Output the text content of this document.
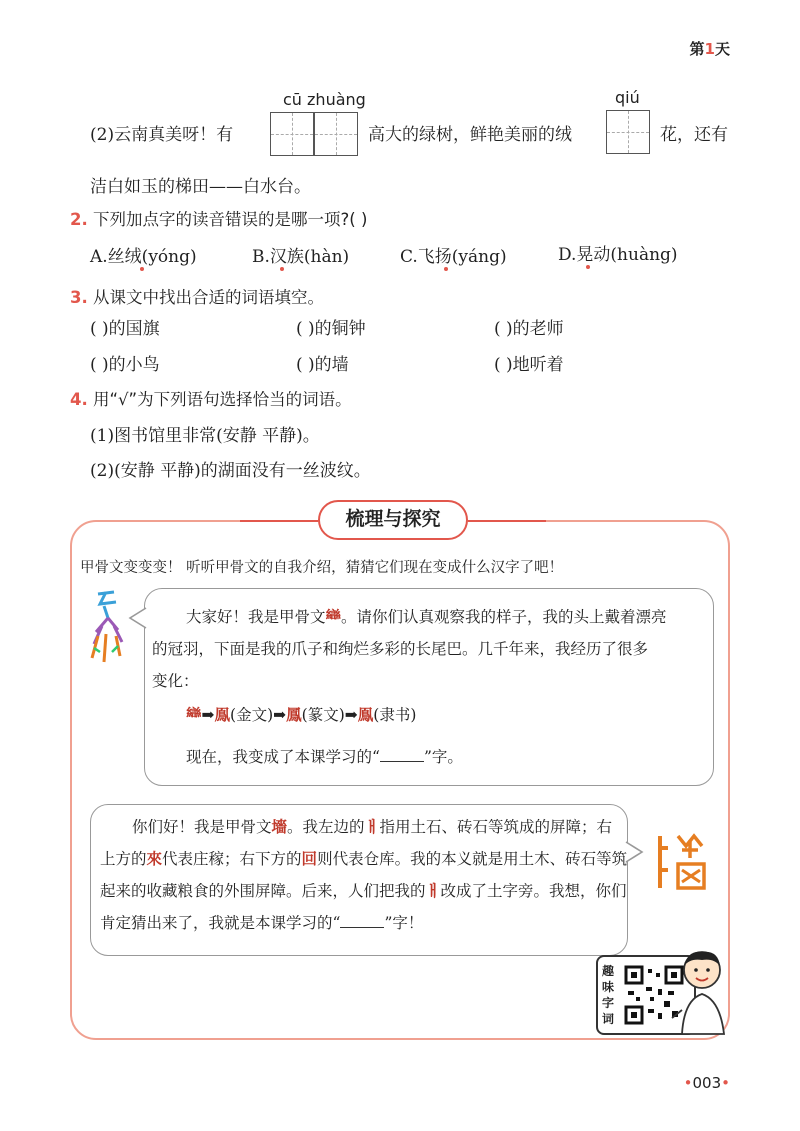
第1天
cū zhuàng	qiú
(2)云南真美呀！有	高大的绿树，鲜艳美丽的绒	花，还有
洁白如玉的梯田——白水台。
2. 下列加点字的读音错误的是哪一项?( )
A.丝绒(yóng)	B.汉族(hàn)	C.飞扬(yáng)	D.晃动(huàng)
3. 从课文中找出合适的词语填空。
( )的国旗	( )的铜钟	( )的老师
( )的小鸟	( )的墙	( )地听着
4. 用“√”为下列语句选择恰当的词语。
(1)图书馆里非常(安静 平静)。
(2)(安静 平静)的湖面没有一丝波纹。
梳理与探究
甲骨文变变变！ 听听甲骨文的自我介绍，猜猜它们现在变成什么汉字了吧！
大家好！我是甲骨文龻。请你们认真观察我的样子，我的头上戴着漂亮
的冠羽，下面是我的爪子和绚烂多彩的长尾巴。几千年来，我经历了很多
变化：
龻➡鳯(金文)➡鳳(篆文)➡鳯(隶书)
现在，我变成了本课学习的“	”字。
你们好！我是甲骨文墻。我左边的ㅐ指用土石、砖石等筑成的屏障；右
上方的來代表庄稼；右下方的回则代表仓库。我的本义就是用土木、砖石等筑
起来的收藏粮食的外围屏障。后来，人们把我的ㅐ改成了土字旁。我想，你们
肯定猜出来了，我就是本课学习的“	”字！
趣味字词
•003•
